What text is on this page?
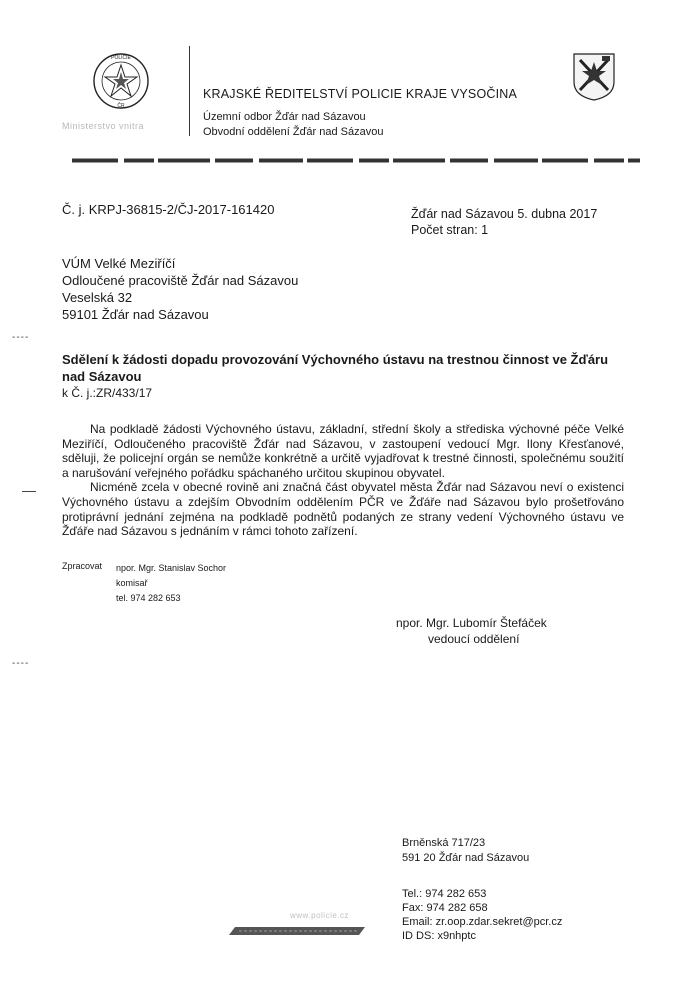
POLICIE
ČR
Ministerstvo vnitra
KRAJSKÉ ŘEDITELSTVÍ POLICIE KRAJE VYSOČINA
Územní odbor Žďár nad Sázavou
Obvodní oddělení Žďár nad Sázavou
Č. j. KRPJ-36815-2/ČJ-2017-161420	Žďár nad Sázavou 5. dubna 2017
Počet stran: 1
VÚM Velké Meziříčí
Odloučené pracoviště Žďár nad Sázavou
Veselská 32
59101 Žďár nad Sázavou
----
----
Sdělení k žádosti dopadu provozování Výchovného ústavu na trestnou činnost ve Žďáru nad Sázavou
k Č. j.:ZR/433/17

Na podkladě žádosti Výchovného ústavu, základní, střední školy a střediska výchovné péče Velké Meziříčí, Odloučeného pracoviště Žďár nad Sázavou, v zastoupení vedoucí Mgr. Ilony Křesťanové, sděluji, že policejní orgán se nemůže konkrétně a určitě vyjadřovat k trestné činnosti, společnému soužití a narušování veřejného pořádku spáchaného určitou skupinou obyvatel.

Nicméně zcela v obecné rovině ani značná část obyvatel města Žďár nad Sázavou neví o existenci Výchovného ústavu a zdejším Obvodním oddělením PČR ve Žďáře nad Sázavou bylo prošetřováno protiprávní jednání zejména na podkladě podnětů podaných ze strany vedení Výchovného ústavu ve Žďáře nad Sázavou s jednáním v rámci tohoto zařízení.

Zpracovat npor. Mgr. Stanislav Sochor
komisař
tel. 974 282 653
npor. Mgr. Lubomír Štefáček
vedoucí oddělení
Brněnská 717/23
591 20 Žďár nad Sázavou
Tel.: 974 282 653
Fax: 974 282 658
Email: zr.oop.zdar.sekret@pcr.cz
ID DS: x9nhptc
www.policie.cz
